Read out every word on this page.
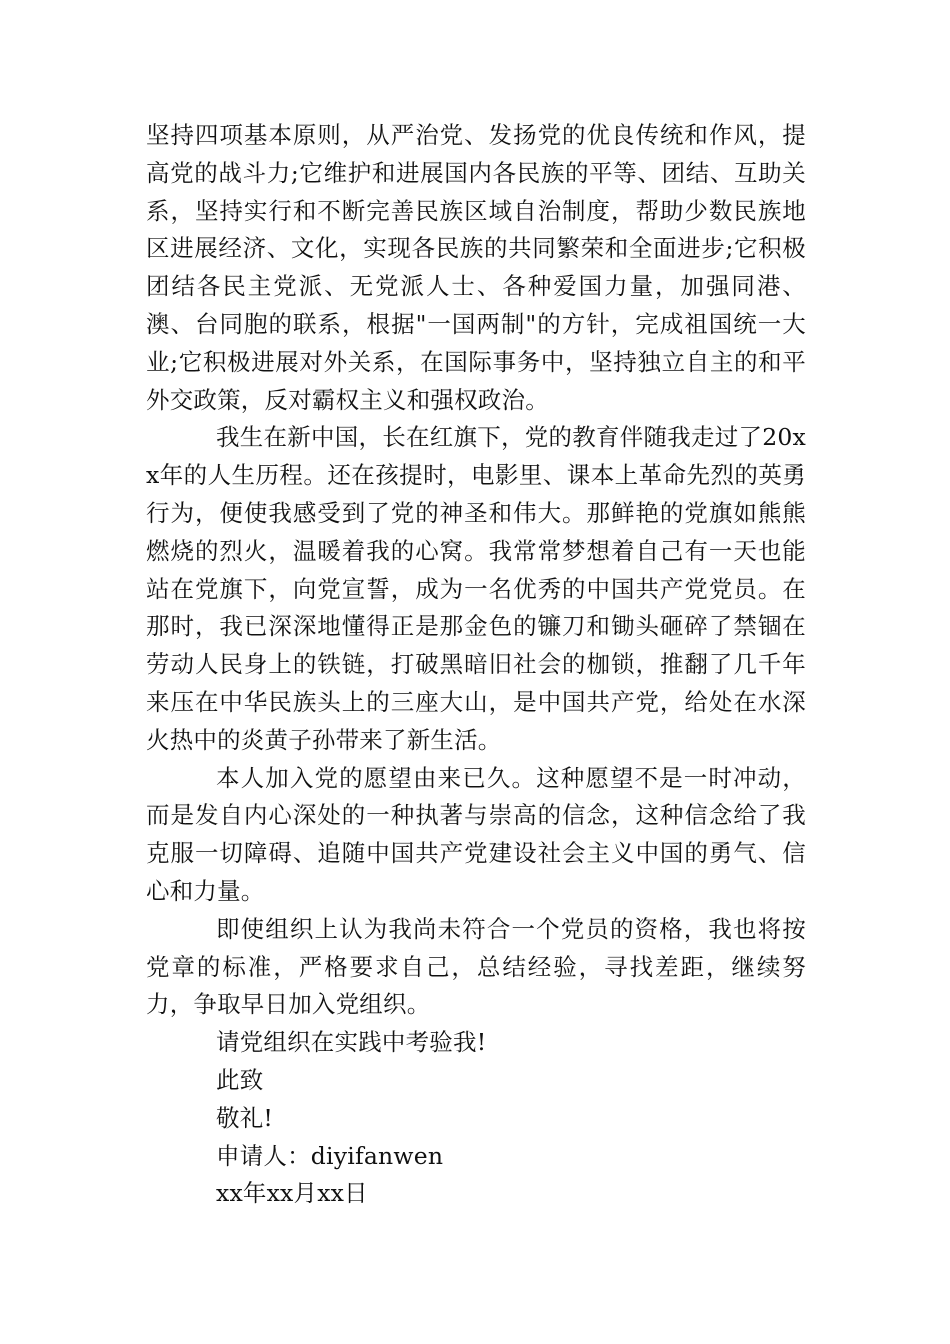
坚持四项基本原则，从严治党、发扬党的优良传统和作风，提高党的战斗力;它维护和进展国内各民族的平等、团结、互助关系，坚持实行和不断完善民族区域自治制度，帮助少数民族地区进展经济、文化，实现各民族的共同繁荣和全面进步;它积极团结各民主党派、无党派人士、各种爱国力量，加强同港、澳、台同胞的联系，根据"一国两制"的方针，完成祖国统一大业;它积极进展对外关系，在国际事务中，坚持独立自主的和平外交政策，反对霸权主义和强权政治。

我生在新中国，长在红旗下，党的教育伴随我走过了20xx年的人生历程。还在孩提时，电影里、课本上革命先烈的英勇行为，便使我感受到了党的神圣和伟大。那鲜艳的党旗如熊熊燃烧的烈火，温暖着我的心窝。我常常梦想着自己有一天也能站在党旗下，向党宣誓，成为一名优秀的中国共产党党员。在那时，我已深深地懂得正是那金色的镰刀和锄头砸碎了禁锢在劳动人民身上的铁链，打破黑暗旧社会的枷锁，推翻了几千年来压在中华民族头上的三座大山，是中国共产党，给处在水深火热中的炎黄子孙带来了新生活。

本人加入党的愿望由来已久。这种愿望不是一时冲动，而是发自内心深处的一种执著与崇高的信念，这种信念给了我克服一切障碍、追随中国共产党建设社会主义中国的勇气、信心和力量。

即使组织上认为我尚未符合一个党员的资格，我也将按党章的标准，严格要求自己，总结经验，寻找差距，继续努力，争取早日加入党组织。

请党组织在实践中考验我!

此致

敬礼!

申请人：diyifanwen

xx年xx月xx日
